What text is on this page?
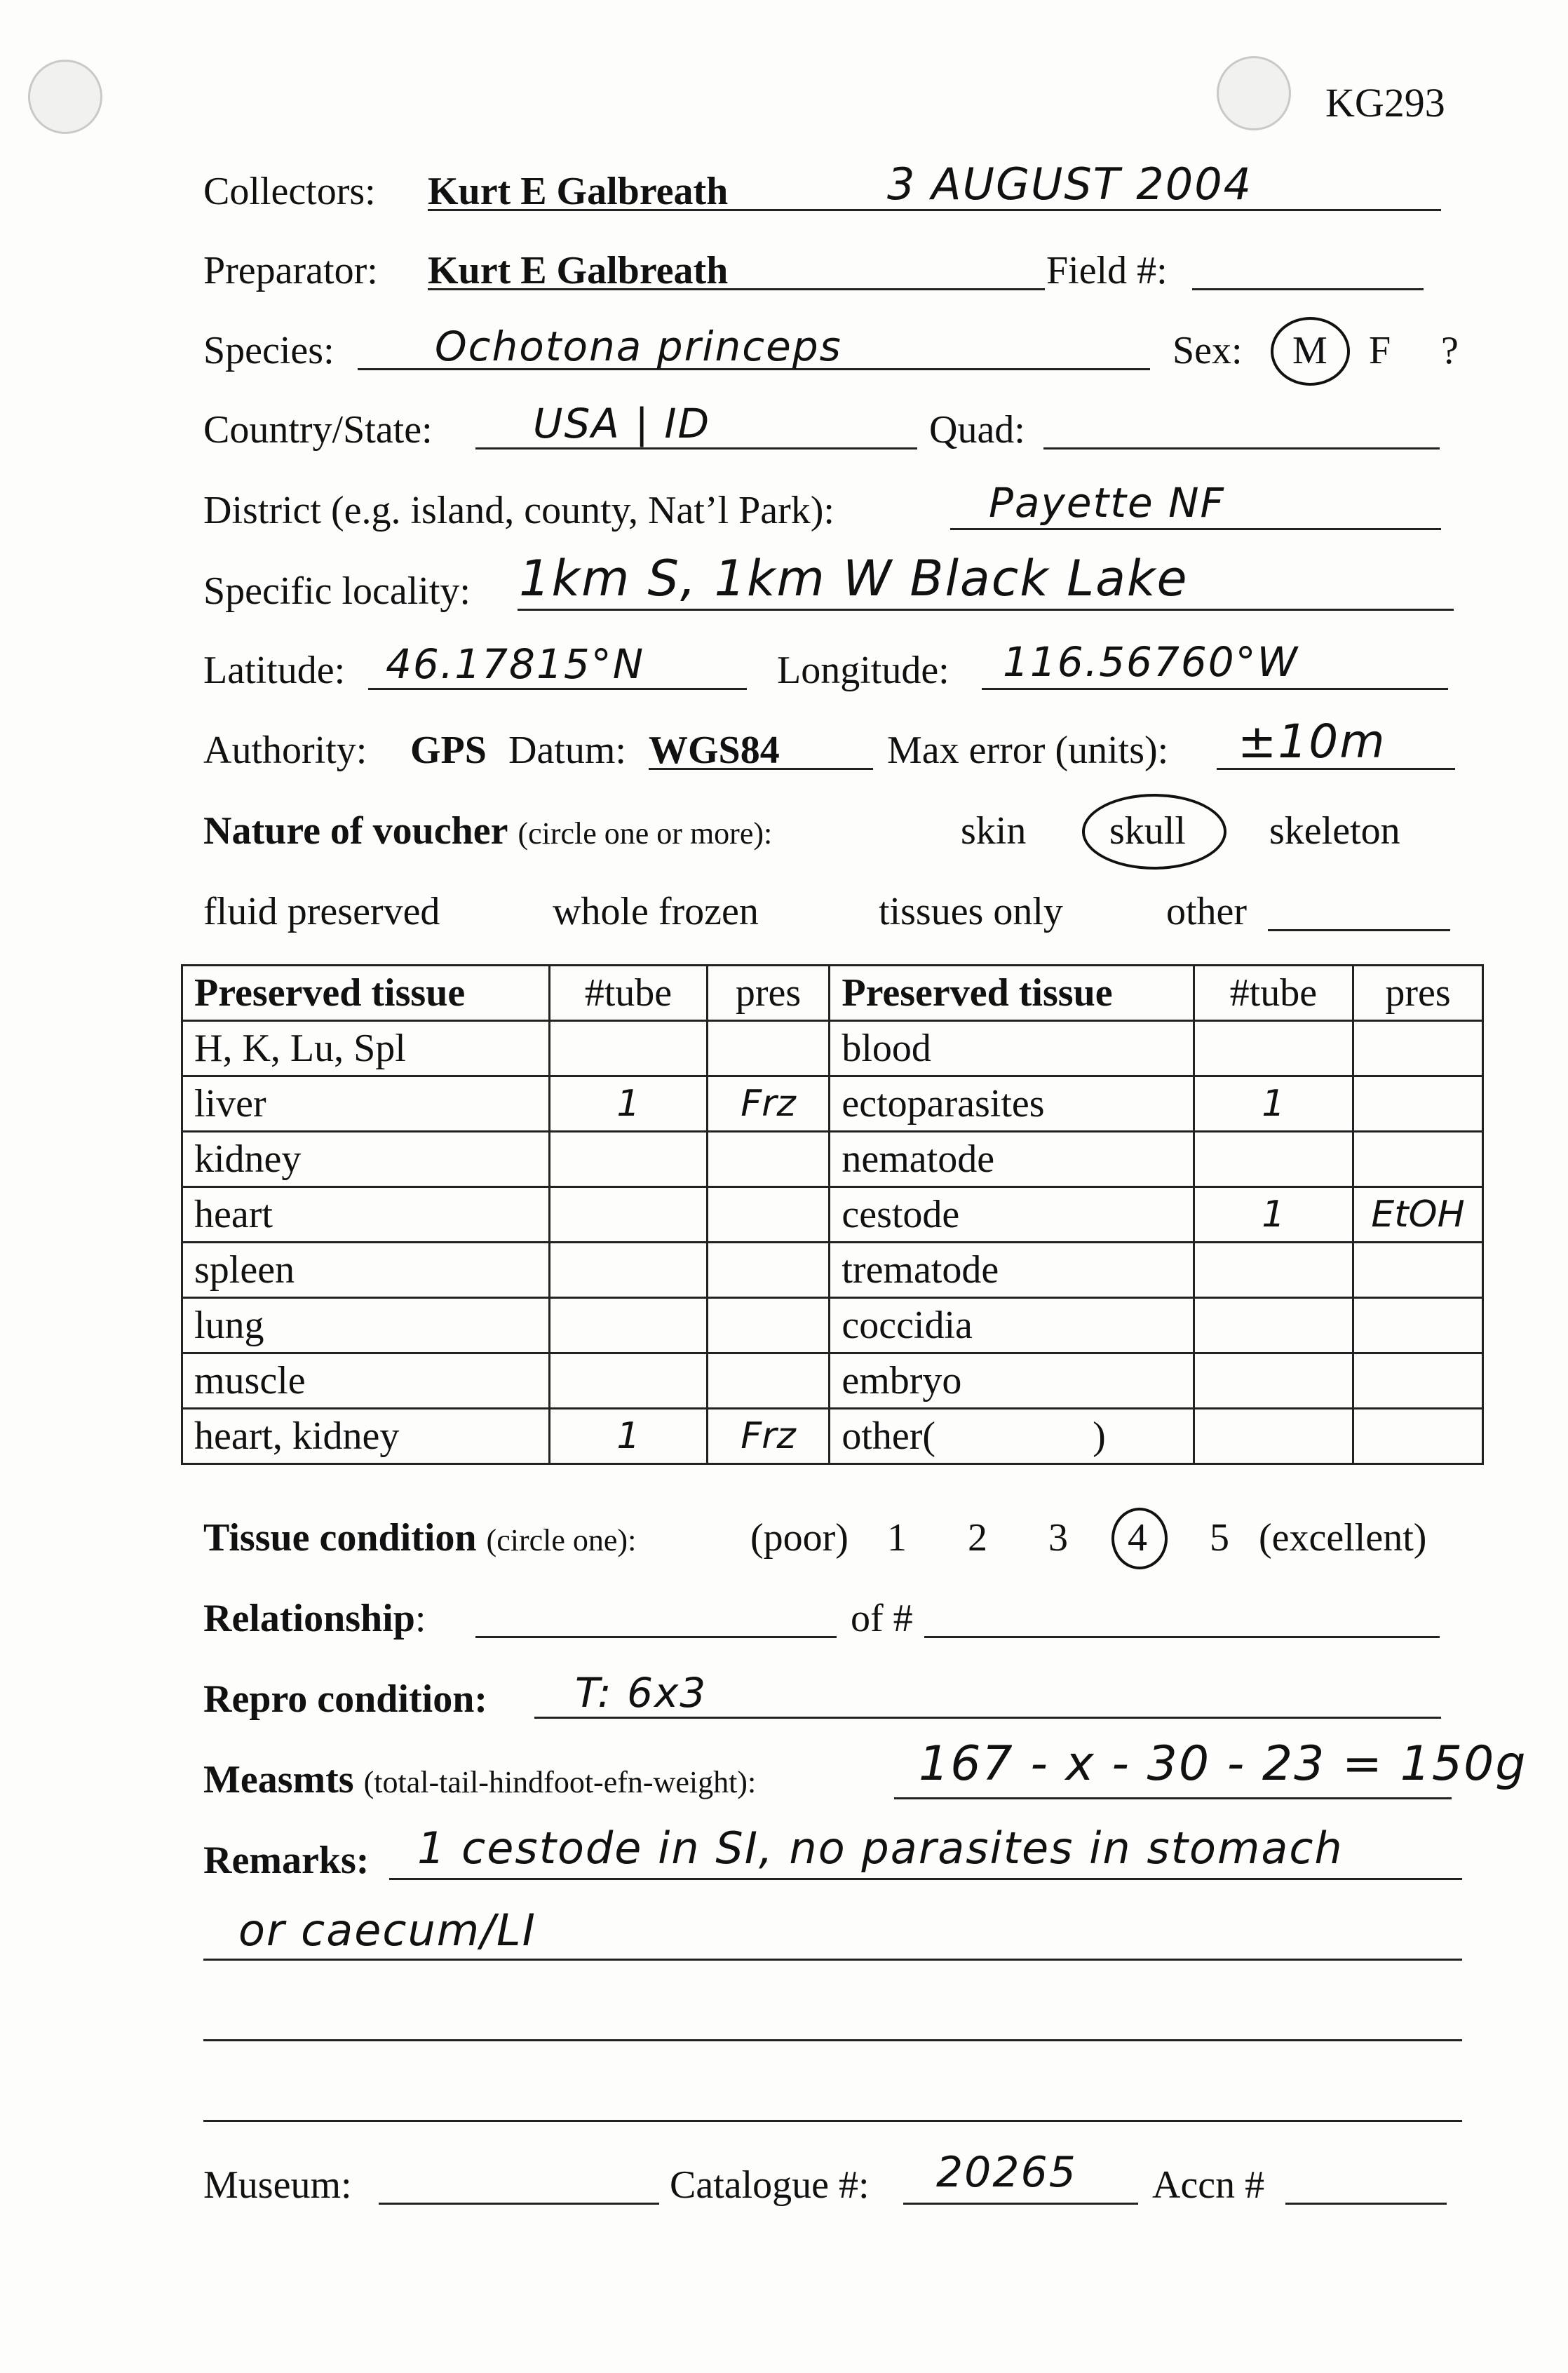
KG293
Collectors: Kurt E Galbreath	3 AUGUST 2004
Preparator: Kurt E Galbreath	Field #:
Species: Ochotona princeps	Sex: M F ?
Country/State: USA | ID	Quad:
District (e.g. island, county, Nat’l Park):	Payette NF
Specific locality: 1km S, 1km W Black Lake
Latitude: 46.17815°N	Longitude: 116.56760°W
Authority: GPS Datum: WGS84	Max error (units): ±10m
Nature of voucher (circle one or more):	skin skull skeleton
fluid preserved	whole frozen	tissues only	other
Preserved tissue	#tube	pres	Preserved tissue	#tube	pres
H, K, Lu, Spl			blood		
liver	1	Frz	ectoparasites	1	
kidney			nematode		
heart			cestode	1	EtOH
spleen			trematode		
lung			coccidia		
muscle			embryo		
heart, kidney	1	Frz	other(                )		
Tissue condition (circle one):	(poor) 1 2 3 4 5 (excellent)
Relationship:	of #
Repro condition: T: 6x3
Measmts (total-tail-hindfoot-efn-weight):	167 - x - 30 - 23 = 150g
Remarks: 1 cestode in SI, no parasites in stomach
or caecum/LI
Museum:	Catalogue #: 20265 Accn #
